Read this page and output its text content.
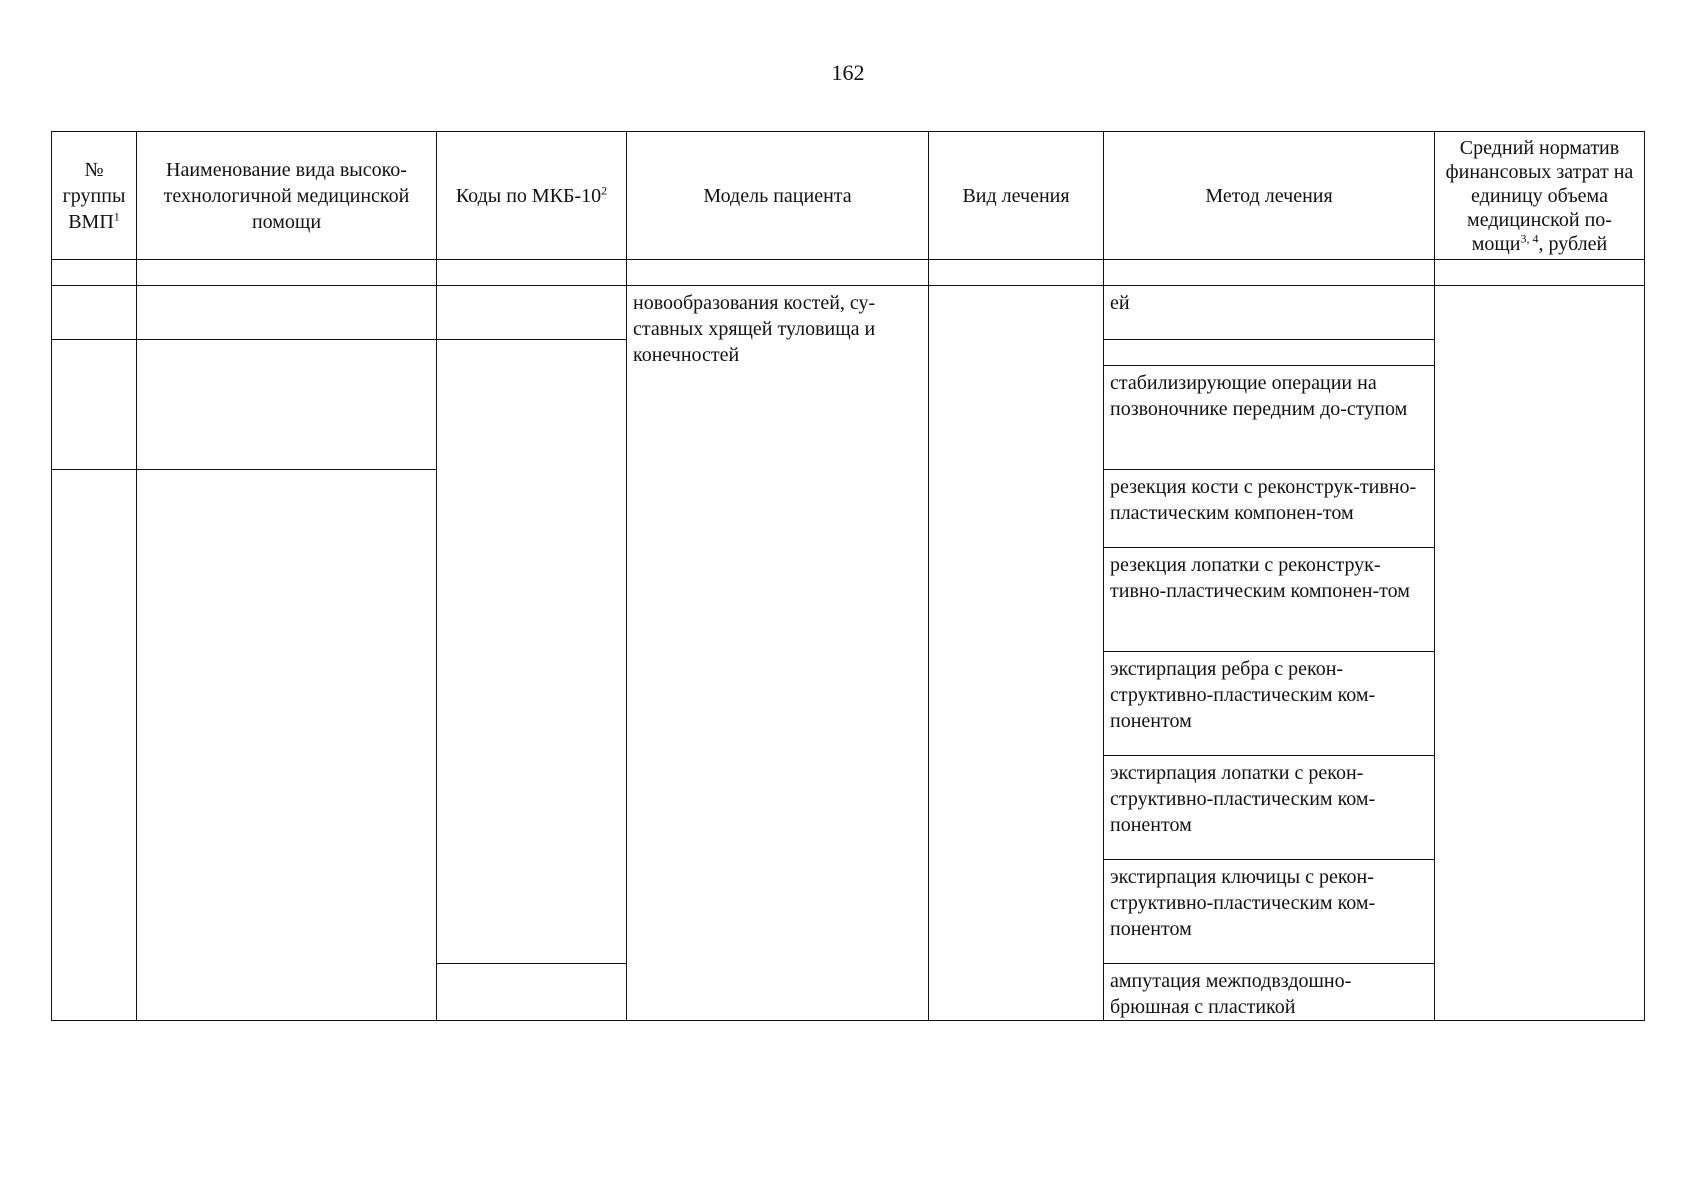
162
№ группы ВМП$^1$	Наименование вида высоко-технологичной медицинской помощи	Коды по МКБ-$10^2$	Модель пациента	Вид лечения	Метод лечения	Средний норматив финансовых затрат на единицу объема медицинской по-мощи$^{3, 4}$, рублей

			новообразования костей, су-ставных хрящей туловища и конечностей		ей	

					стабилизирующие операции на позвоночнике передним до-ступом	
					резекция кости с реконструк-тивно-пластическим компонен-том	
					резекция лопатки с реконструк-тивно-пластическим компонен-том	
					экстирпация ребра с рекон-структивно-пластическим ком-понентом	
					экстирпация лопатки с рекон-структивно-пластическим ком-понентом	
					экстирпация ключицы с рекон-структивно-пластическим ком-понентом	
					ампутация межподвздошно-брюшная с пластикой	
